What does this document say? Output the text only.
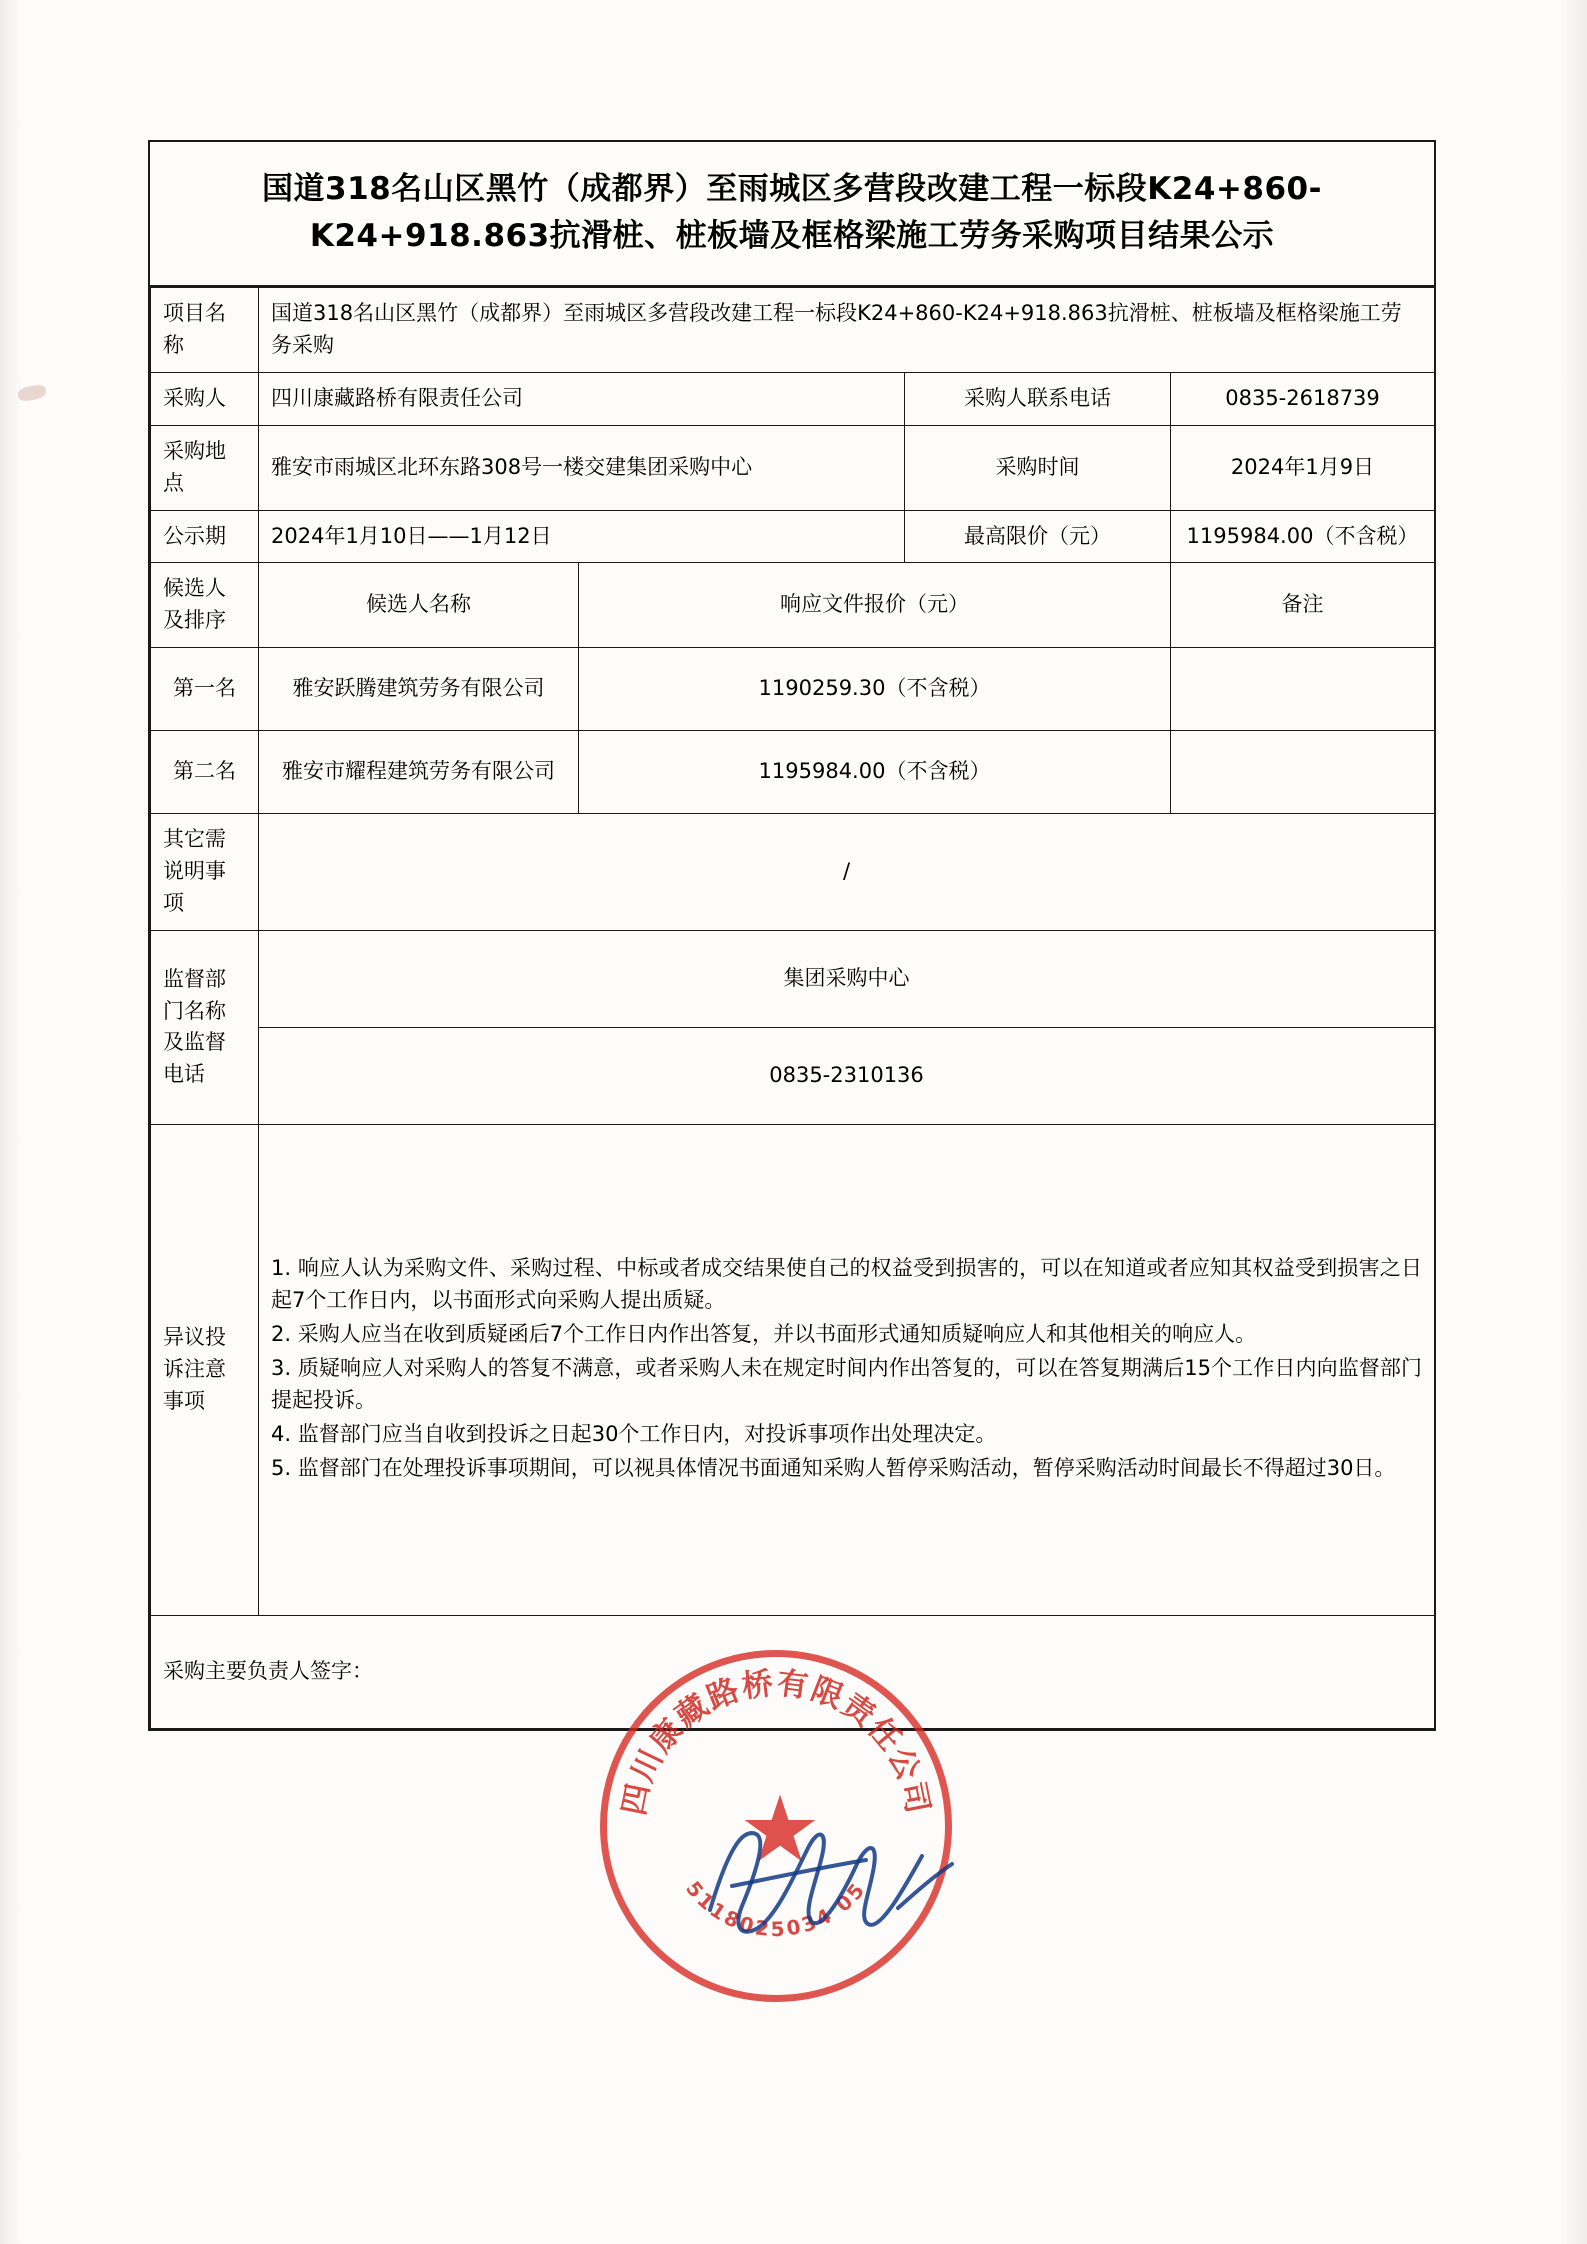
国道318名山区黑竹（成都界）至雨城区多营段改建工程一标段K24+860-K24+918.863抗滑桩、桩板墙及框格梁施工劳务采购项目结果公示
项目名称	国道318名山区黑竹（成都界）至雨城区多营段改建工程一标段K24+860-K24+918.863抗滑桩、桩板墙及框格梁施工劳务采购			
采购人	四川康藏路桥有限责任公司		采购人联系电话	0835-2618739
采购地点	雅安市雨城区北环东路308号一楼交建集团采购中心		采购时间	2024年1月9日
公示期	2024年1月10日——1月12日		最高限价（元）	1195984.00（不含税）
候选人及排序	候选人名称	响应文件报价（元）		备注
第一名	雅安跃腾建筑劳务有限公司	1190259.30（不含税）		
第二名	雅安市耀程建筑劳务有限公司	1195984.00（不含税）		
其它需说明事项	/			
监督部门名称及监督电话	集团采购中心			
	0835-2310136			
异议投诉注意事项	1. 响应人认为采购文件、采购过程、中标或者成交结果使自己的权益受到损害的，可以在知道或者应知其权益受到损害之日起7个工作日内，以书面形式向采购人提出质疑。

2. 采购人应当在收到质疑函后7个工作日内作出答复，并以书面形式通知质疑响应人和其他相关的响应人。

3. 质疑响应人对采购人的答复不满意，或者采购人未在规定时间内作出答复的，可以在答复期满后15个工作日内向监督部门提起投诉。

4. 监督部门应当自收到投诉之日起30个工作日内，对投诉事项作出处理决定。

5. 监督部门在处理投诉事项期间，可以视具体情况书面通知采购人暂停采购活动，暂停采购活动时间最长不得超过30日。			

采购主要负责人签字：				
四川康藏路桥有限责任公司
5118025034 05
★
